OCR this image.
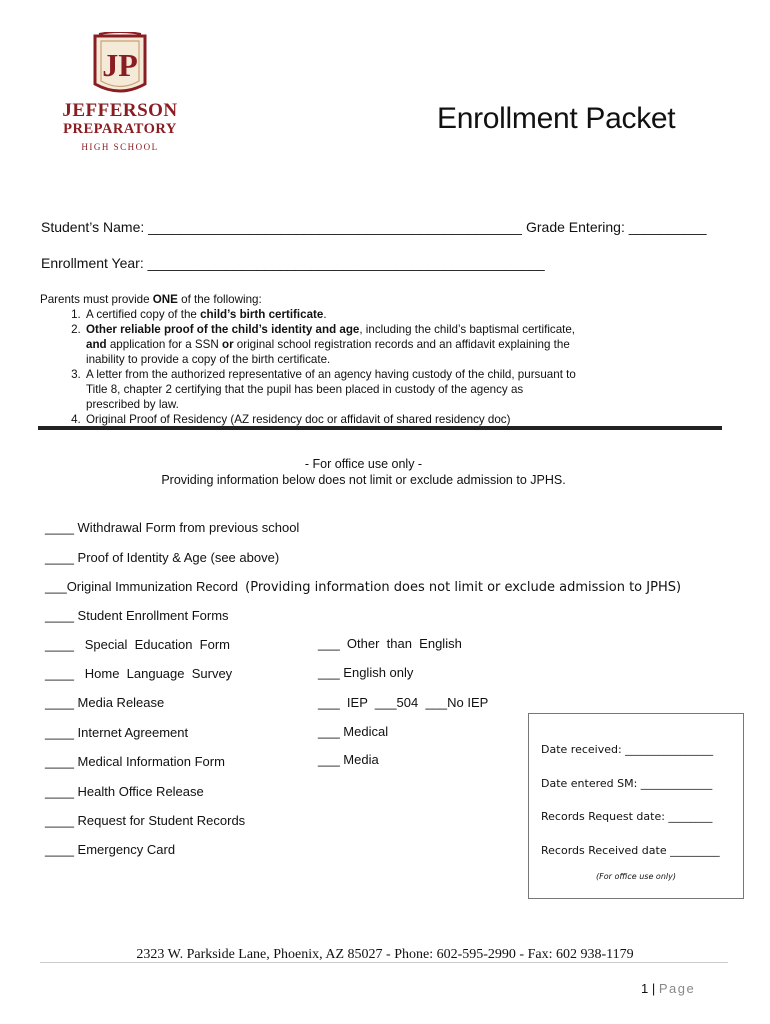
JP
JEFFERSON
PREPARATORY
HIGH SCHOOL
Enrollment Packet
Student’s Name: ________________________________________________ Grade Entering: __________
Enrollment Year: ___________________________________________________
Parents must provide ONE of the following:
1. A certified copy of the child’s birth certificate.
2. Other reliable proof of the child’s identity and age, including the child’s baptismal certificate, and application for a SSN or original school registration records and an affidavit explaining the inability to provide a copy of the birth certificate.
3. A letter from the authorized representative of an agency having custody of the child, pursuant to Title 8, chapter 2 certifying that the pupil has been placed in custody of the agency as prescribed by law.
4. Original Proof of Residency (AZ residency doc or affidavit of shared residency doc)
- For office use only -
Providing information below does not limit or exclude admission to JPHS.
____ Withdrawal Form from previous school
____ Proof of Identity & Age (see above)
___Original Immunization Record  (Providing information does not limit or exclude admission to JPHS)
____ Student Enrollment Forms
____   Special  Education  Form
____   Home  Language  Survey
____ Media Release
____ Internet Agreement
____ Medical Information Form
____ Health Office Release
____ Request for Student Records
____ Emergency Card
___  Other  than  English
___ English only
___  IEP  ___504  ___No IEP
___ Medical
___ Media
Date received: ________________
Date entered SM: _____________
Records Request date: ________
Records Received date _________
(For office use only)
2323 W. Parkside Lane, Phoenix, AZ 85027 - Phone: 602-595-2990 - Fax: 602 938-1179
1 | Page
